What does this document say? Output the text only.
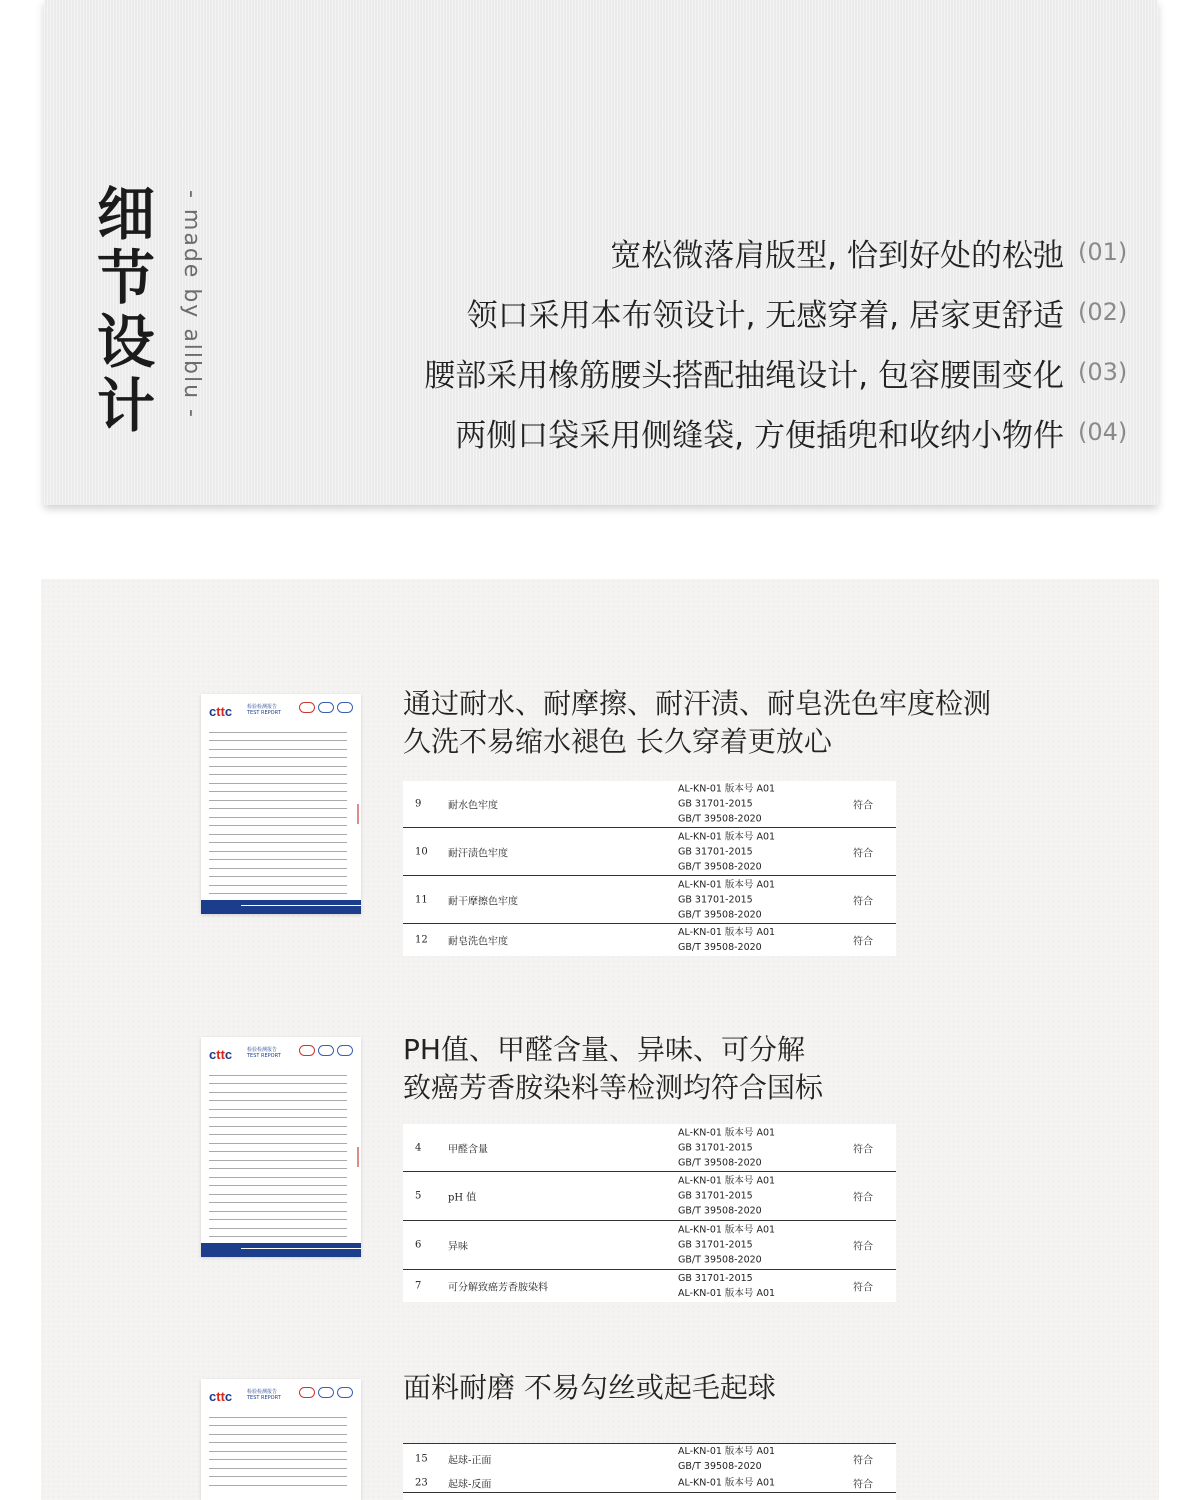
细节设计 - made by allblu -	宽松微落肩版型, 恰到好处的松弛 (01)
领口采用本布领设计, 无感穿着, 居家更舒适 (02)
腰部采用橡筋腰头搭配抽绳设计, 包容腰围变化 (03)
两侧口袋采用侧缝袋, 方便插兜和收纳小物件 (04)
cttc	检验检测报告
TEST REPORT	通过耐水、耐摩擦、耐汗渍、耐皂洗色牢度检测
久洗不易缩水褪色 长久穿着更放心
9	耐水色牢度
AL-KN-01 版本号 A01
GB 31701-2015
GB/T 39508-2020
符合
10	耐汗渍色牢度
AL-KN-01 版本号 A01
GB 31701-2015
GB/T 39508-2020
符合
11	耐干摩擦色牢度
AL-KN-01 版本号 A01
GB 31701-2015
GB/T 39508-2020
符合
12	耐皂洗色牢度
AL-KN-01 版本号 A01
GB/T 39508-2020	符合
cttc	检验检测报告
TEST REPORT	PH值、甲醛含量、异味、可分解
致癌芳香胺染料等检测均符合国标
4	甲醛含量
AL-KN-01 版本号 A01
GB 31701-2015
GB/T 39508-2020
符合
5	pH 值
AL-KN-01 版本号 A01
GB 31701-2015
GB/T 39508-2020
符合
6	异味
AL-KN-01 版本号 A01
GB 31701-2015
GB/T 39508-2020
符合
7	可分解致癌芳香胺染料
GB 31701-2015
AL-KN-01 版本号 A01	符合
cttc	检验检测报告
TEST REPORT	面料耐磨 不易勾丝或起毛起球
15	起球-正面
AL-KN-01 版本号 A01
GB/T 39508-2020	符合
23	起球-反面	AL-KN-01 版本号 A01	符合
